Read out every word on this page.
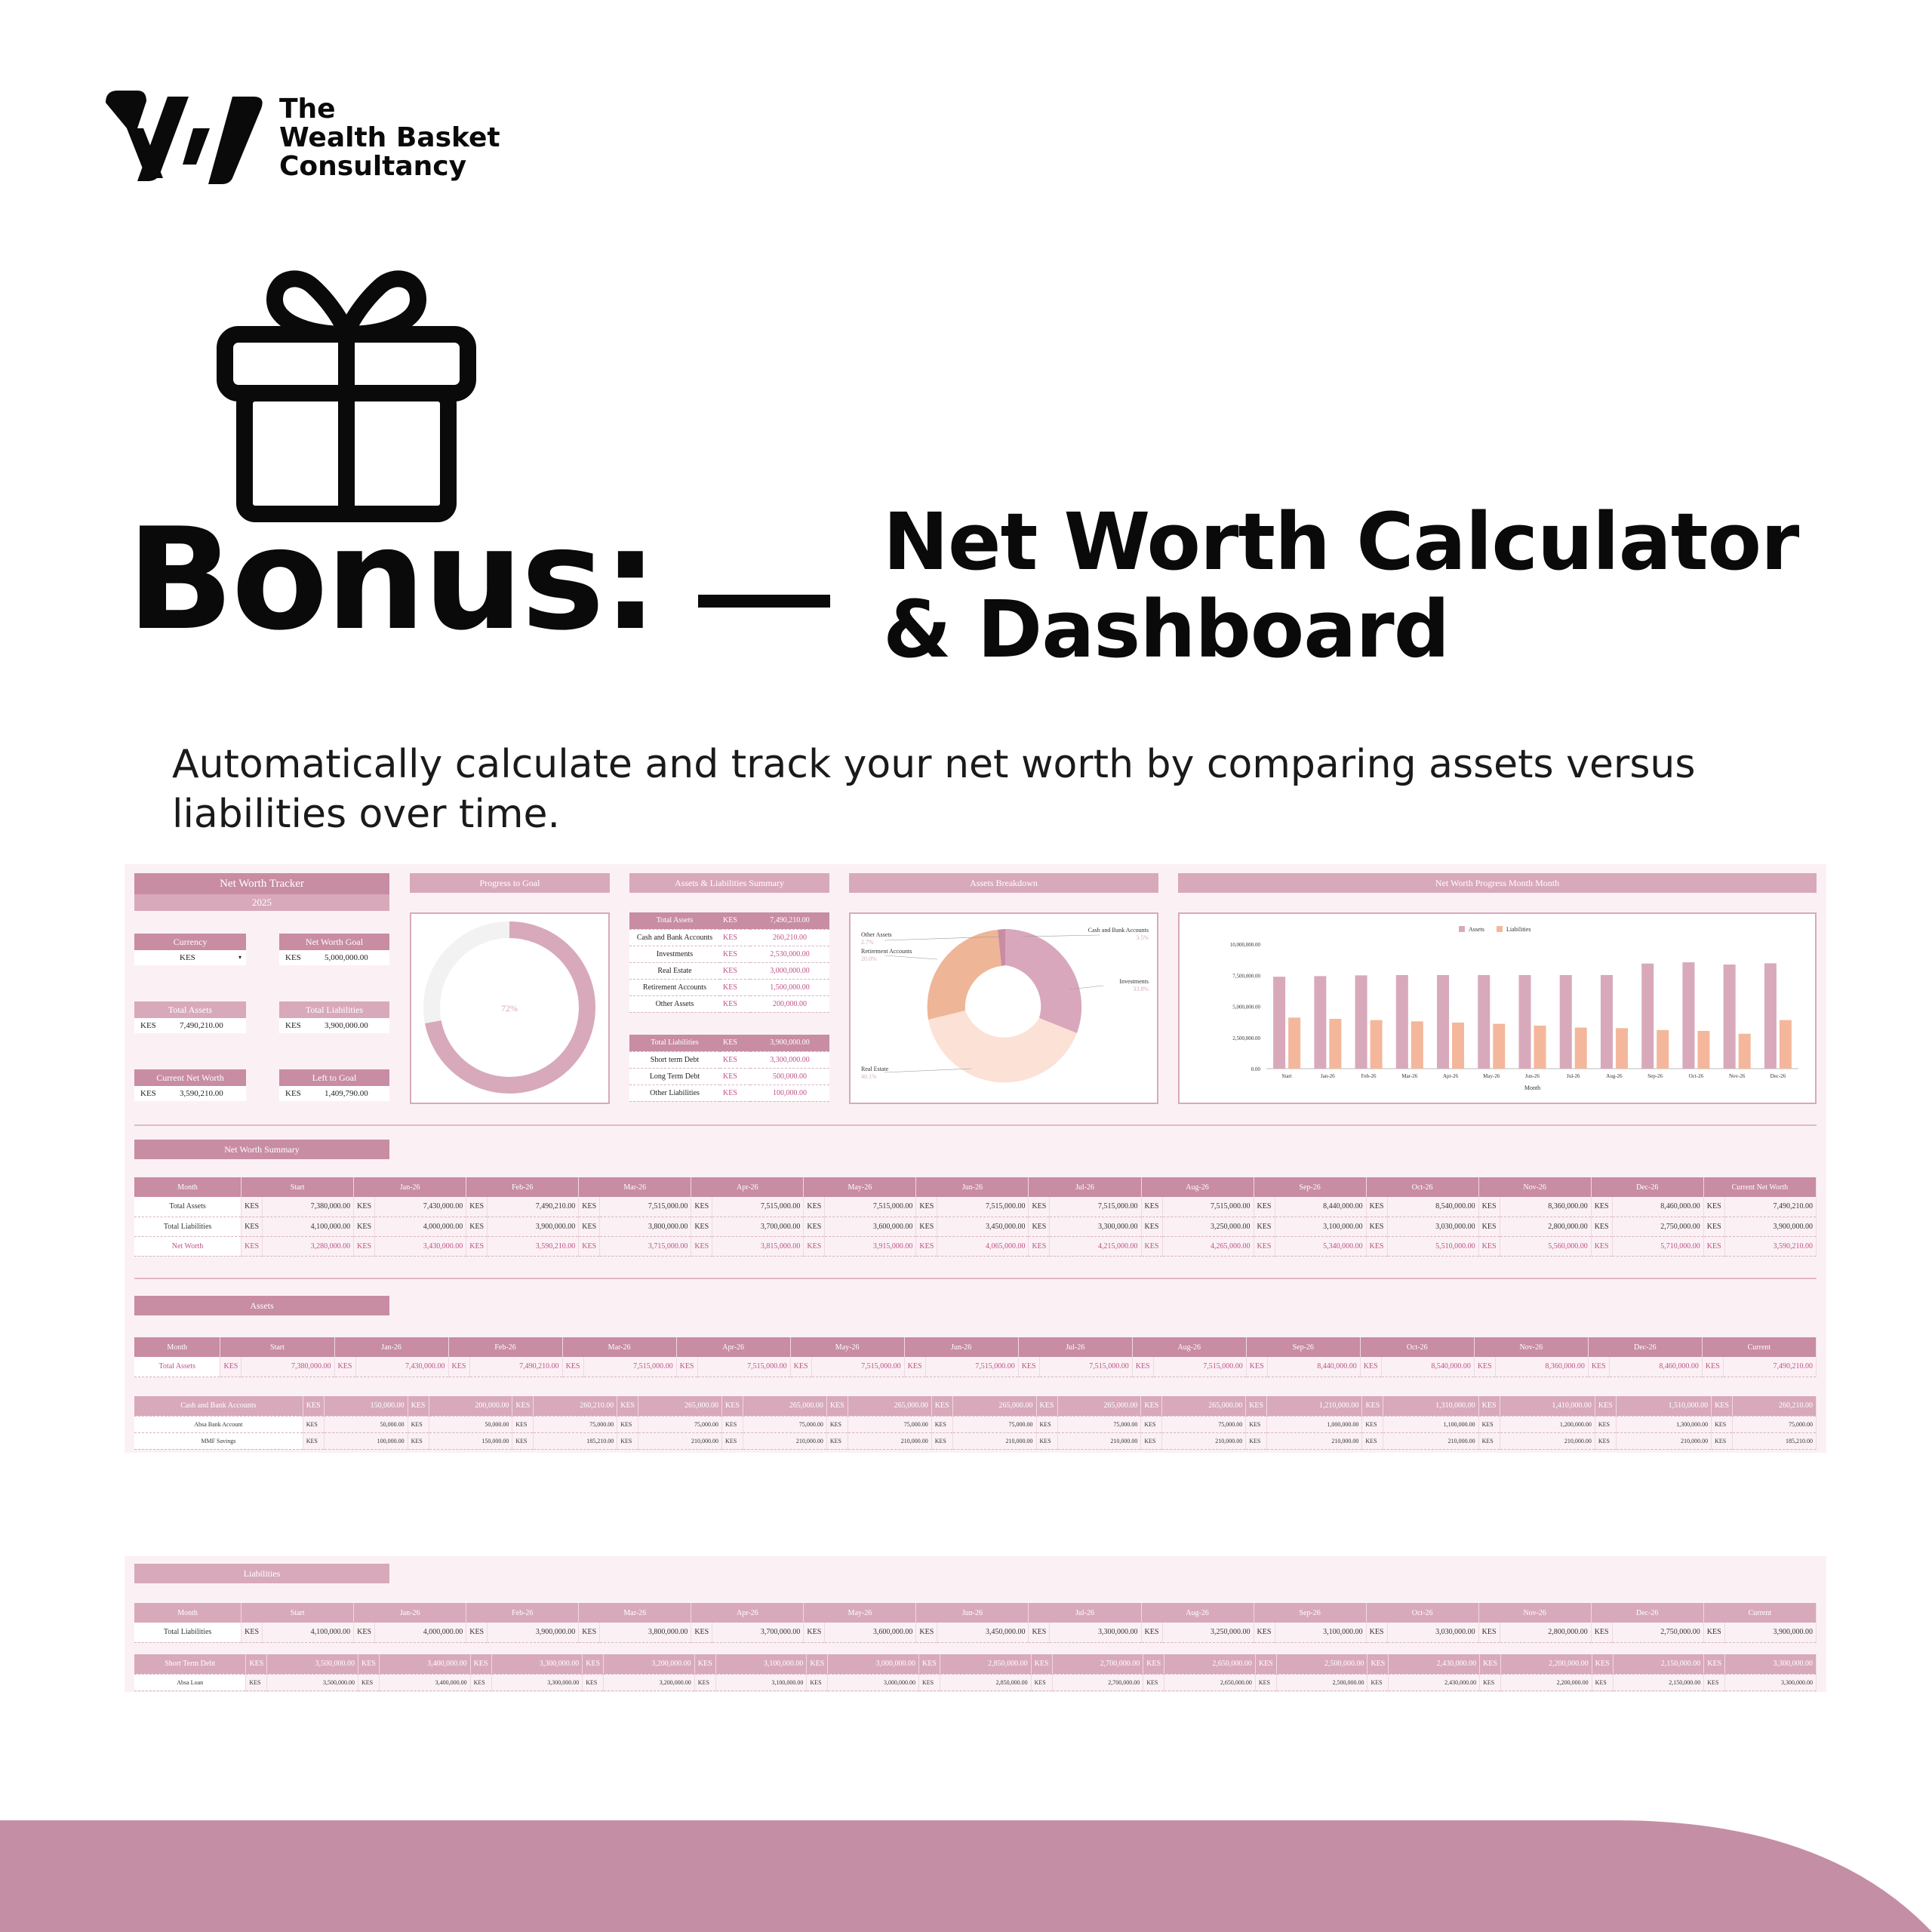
The
Wealth Basket
Consultancy
Bonus:	Net Worth Calculator
& Dashboard
Automatically calculate and track your net worth by comparing assets versus liabilities over time.
Net Worth Tracker
2025
Currency
KES	▾
Net Worth Goal
KES	5,000,000.00
Total Assets
KES	7,490,210.00
Total Liabilities
KES	3,900,000.00
Current Net Worth
KES	3,590,210.00
Left to Goal
KES	1,409,790.00
Progress to Goal
72%
Assets & Liabilities Summary
Total Assets	KES	7,490,210.00
Cash and Bank Accounts	KES	260,210.00
Investments	KES	2,530,000.00
Real Estate	KES	3,000,000.00
Retirement Accounts	KES	1,500,000.00
Other Assets	KES	200,000.00
Total Liabilities	KES	3,900,000.00
Short term Debt	KES	3,300,000.00
Long Term Debt	KES	500,000.00
Other Liabilities	KES	100,000.00
Assets Breakdown
Other Assets
2.7%
Retirement Accounts
20.0%
Cash and Bank Accounts
3.5%
Investments
33.8%
Real Estate
40.1%
Net Worth Progress Month Month
0.00
2,500,000.00
5,000,000.00
7,500,000.00
10,000,000.00
Start	Jan-26	Feb-26	Mar-26	Apr-26	May-26	Jun-26	Jul-26	Aug-26	Sep-26	Oct-26	Nov-26	Dec-26
Month
Assets	Liabilities
Net Worth Summary
Month	Start		Jan-26		Feb-26		Mar-26		Apr-26		May-26		Jun-26		Jul-26		Aug-26		Sep-26		Oct-26		Nov-26		Dec-26		Current Net Worth	
Total Assets	KES	7,380,000.00	KES	7,430,000.00	KES	7,490,210.00	KES	7,515,000.00	KES	7,515,000.00	KES	7,515,000.00	KES	7,515,000.00	KES	7,515,000.00	KES	7,515,000.00	KES	8,440,000.00	KES	8,540,000.00	KES	8,360,000.00	KES	8,460,000.00	KES	7,490,210.00
Total Liabilities	KES	4,100,000.00	KES	4,000,000.00	KES	3,900,000.00	KES	3,800,000.00	KES	3,700,000.00	KES	3,600,000.00	KES	3,450,000.00	KES	3,300,000.00	KES	3,250,000.00	KES	3,100,000.00	KES	3,030,000.00	KES	2,800,000.00	KES	2,750,000.00	KES	3,900,000.00
Net Worth	KES	3,280,000.00	KES	3,430,000.00	KES	3,590,210.00	KES	3,715,000.00	KES	3,815,000.00	KES	3,915,000.00	KES	4,065,000.00	KES	4,215,000.00	KES	4,265,000.00	KES	5,340,000.00	KES	5,510,000.00	KES	5,560,000.00	KES	5,710,000.00	KES	3,590,210.00
Assets
Month	Start		Jan-26		Feb-26		Mar-26		Apr-26		May-26		Jun-26		Jul-26		Aug-26		Sep-26		Oct-26		Nov-26		Dec-26		Current	
Total Assets	KES	7,380,000.00	KES	7,430,000.00	KES	7,490,210.00	KES	7,515,000.00	KES	7,515,000.00	KES	7,515,000.00	KES	7,515,000.00	KES	7,515,000.00	KES	7,515,000.00	KES	8,440,000.00	KES	8,540,000.00	KES	8,360,000.00	KES	8,460,000.00	KES	7,490,210.00
Cash and Bank Accounts	KES	150,000.00	KES	200,000.00	KES	260,210.00	KES	265,000.00	KES	265,000.00	KES	265,000.00	KES	265,000.00	KES	265,000.00	KES	265,000.00	KES	1,210,000.00	KES	1,310,000.00	KES	1,410,000.00	KES	1,510,000.00	KES	260,210.00
Absa Bank Account	KES	50,000.00	KES	50,000.00	KES	75,000.00	KES	75,000.00	KES	75,000.00	KES	75,000.00	KES	75,000.00	KES	75,000.00	KES	75,000.00	KES	1,000,000.00	KES	1,100,000.00	KES	1,200,000.00	KES	1,300,000.00	KES	75,000.00
MMF Savings	KES	100,000.00	KES	150,000.00	KES	185,210.00	KES	210,000.00	KES	210,000.00	KES	210,000.00	KES	210,000.00	KES	210,000.00	KES	210,000.00	KES	210,000.00	KES	210,000.00	KES	210,000.00	KES	210,000.00	KES	185,210.00
Liabilities
Month	Start		Jan-26		Feb-26		Mar-26		Apr-26		May-26		Jun-26		Jul-26		Aug-26		Sep-26		Oct-26		Nov-26		Dec-26		Current	
Total Liabilities	KES	4,100,000.00	KES	4,000,000.00	KES	3,900,000.00	KES	3,800,000.00	KES	3,700,000.00	KES	3,600,000.00	KES	3,450,000.00	KES	3,300,000.00	KES	3,250,000.00	KES	3,100,000.00	KES	3,030,000.00	KES	2,800,000.00	KES	2,750,000.00	KES	3,900,000.00
Short Term Debt	KES	3,500,000.00	KES	3,400,000.00	KES	3,300,000.00	KES	3,200,000.00	KES	3,100,000.00	KES	3,000,000.00	KES	2,850,000.00	KES	2,700,000.00	KES	2,650,000.00	KES	2,500,000.00	KES	2,430,000.00	KES	2,200,000.00	KES	2,150,000.00	KES	3,300,000.00
Absa Loan	KES	3,500,000.00	KES	3,400,000.00	KES	3,300,000.00	KES	3,200,000.00	KES	3,100,000.00	KES	3,000,000.00	KES	2,850,000.00	KES	2,700,000.00	KES	2,650,000.00	KES	2,500,000.00	KES	2,430,000.00	KES	2,200,000.00	KES	2,150,000.00	KES	3,300,000.00
